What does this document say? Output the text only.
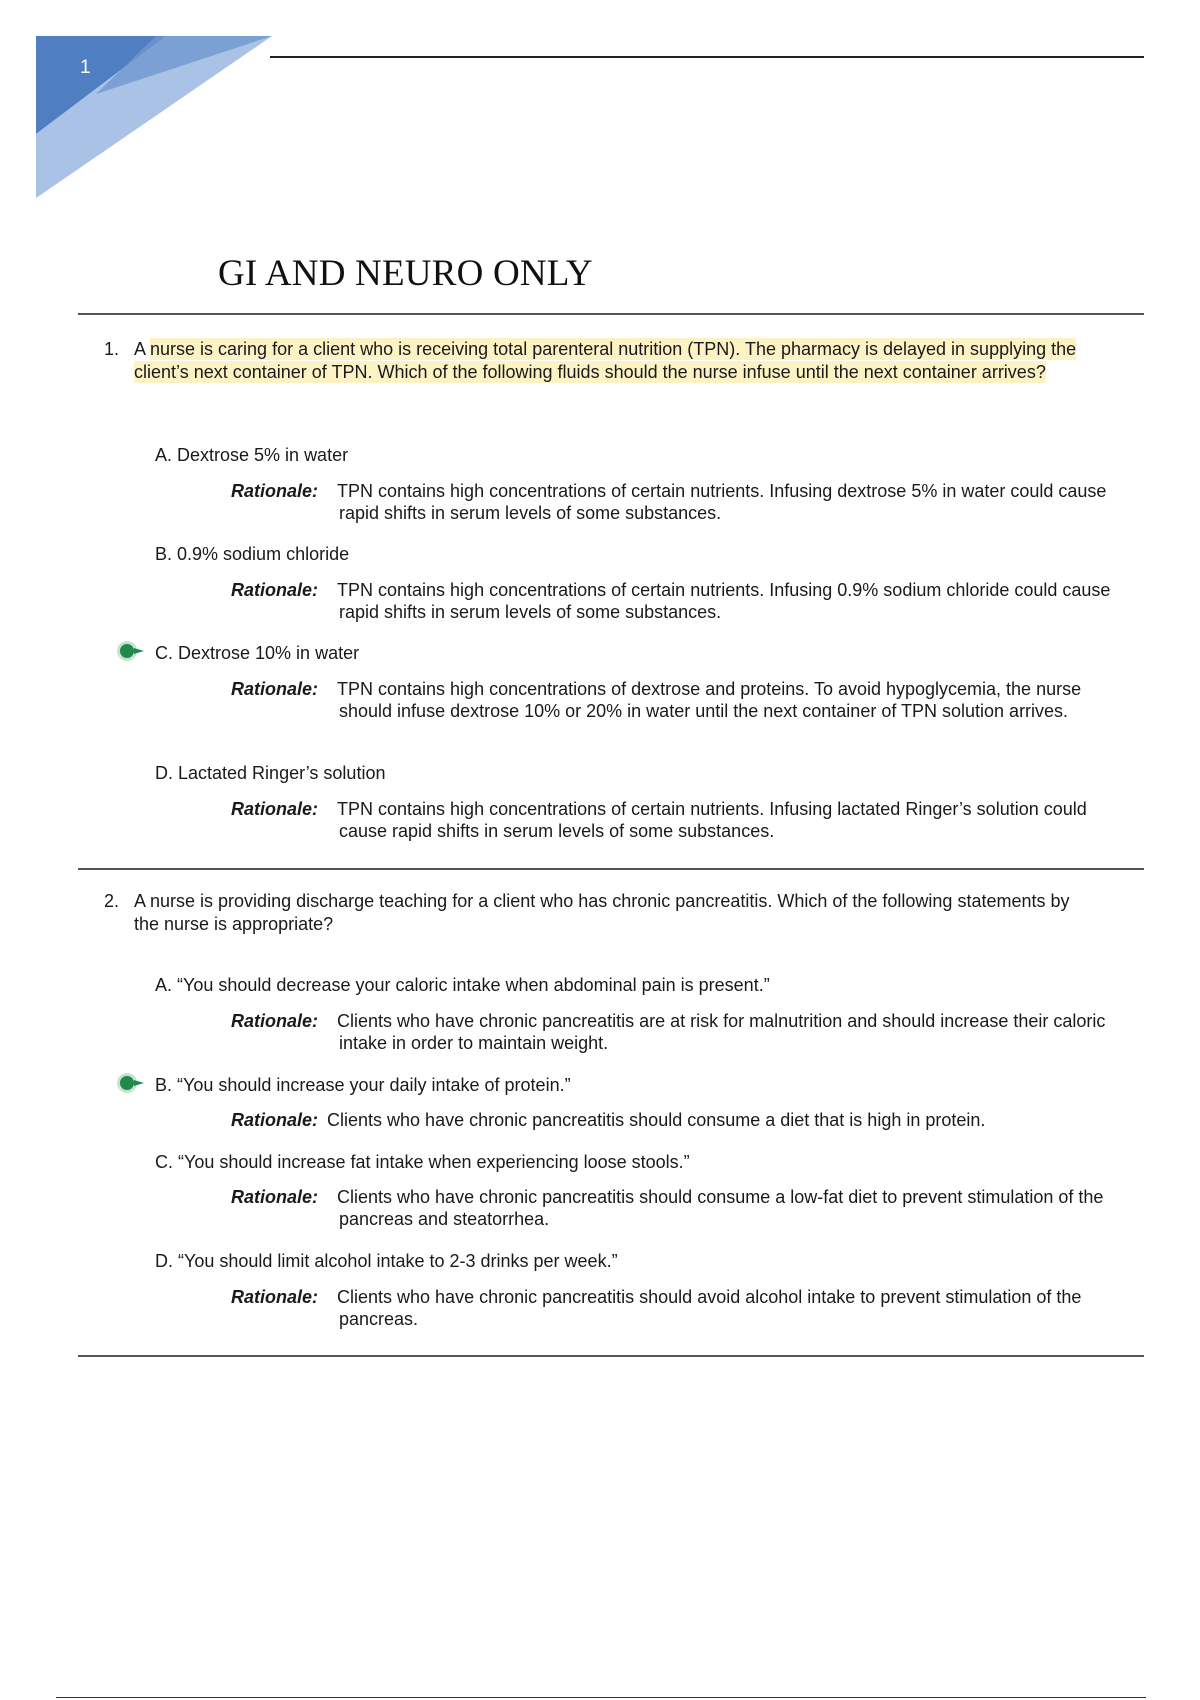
1
GI AND NEURO ONLY
1. A nurse is caring for a client who is receiving total parenteral nutrition (TPN). The pharmacy is delayed in supplying the client’s next container of TPN. Which of the following fluids should the nurse infuse until the next container arrives?

A. Dextrose 5% in water

Rationale:	TPN contains high concentrations of certain nutrients. Infusing dextrose 5% in water could cause rapid shifts in serum levels of some substances.

B. 0.9% sodium chloride

Rationale:	TPN contains high concentrations of certain nutrients. Infusing 0.9% sodium chloride could cause rapid shifts in serum levels of some substances.

C. Dextrose 10% in water

Rationale:	TPN contains high concentrations of dextrose and proteins. To avoid hypoglycemia, the nurse should infuse dextrose 10% or 20% in water until the next container of TPN solution arrives.

D. Lactated Ringer’s solution

Rationale:	TPN contains high concentrations of certain nutrients. Infusing lactated Ringer’s solution could cause rapid shifts in serum levels of some substances.

2. A nurse is providing discharge teaching for a client who has chronic pancreatitis. Which of the following statements by the nurse is appropriate?

A. “You should decrease your caloric intake when abdominal pain is present.”

Rationale:	Clients who have chronic pancreatitis are at risk for malnutrition and should increase their caloric intake in order to maintain weight.

B. “You should increase your daily intake of protein.”

Rationale: Clients who have chronic pancreatitis should consume a diet that is high in protein.

C. “You should increase fat intake when experiencing loose stools.”

Rationale:	Clients who have chronic pancreatitis should consume a low-fat diet to prevent stimulation of the pancreas and steatorrhea.

D. “You should limit alcohol intake to 2-3 drinks per week.”

Rationale:	Clients who have chronic pancreatitis should avoid alcohol intake to prevent stimulation of the pancreas.
